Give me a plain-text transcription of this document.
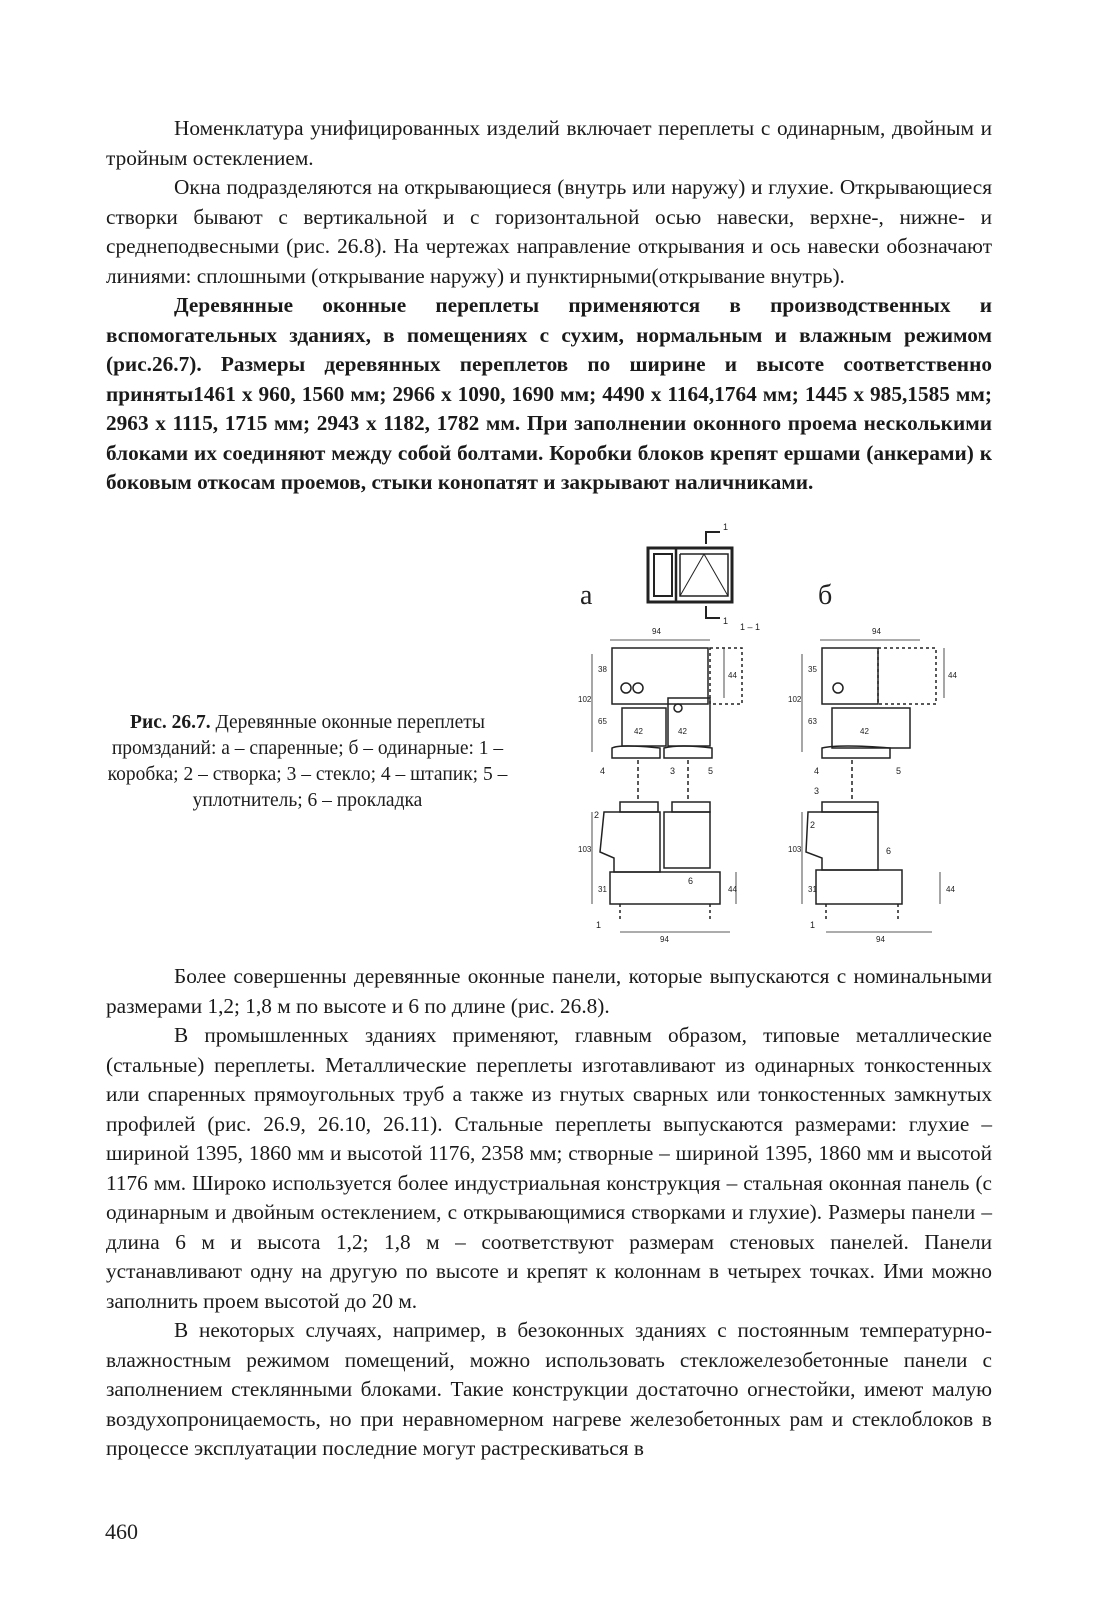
Номенклатура унифицированных изделий включает переплеты с одинарным, двойным и тройным остеклением.

Окна подразделяются на открывающиеся (внутрь или наружу) и глухие. Открывающиеся створки бывают с вертикальной и с горизонтальной осью навески, верхне-, нижне- и среднеподвесными (рис. 26.8). На чертежах направление открывания и ось навески обозначают линиями: сплошными (открывание наружу) и пунктирными(открывание внутрь).

Деревянные оконные переплеты применяются в производственных и вспомогательных зданиях, в помещениях с сухим, нормальным и влажным режимом (рис.26.7). Размеры деревянных переплетов по ширине и высоте соответственно приняты1461 х 960, 1560 мм; 2966 х 1090, 1690 мм; 4490 х 1164,1764 мм; 1445 х 985,1585 мм; 2963 х 1115, 1715 мм; 2943 х 1182, 1782 мм. При заполнении оконного проема несколькими блоками их соединяют между собой болтами. Коробки блоков крепят ершами (анкерами) к боковым откосам проемов, стыки конопатят и закрывают наличниками.

Рис. 26.7. Деревянные оконные переплеты промзданий: а – спаренные; б – одинарные: 1 – коробка; 2 – створка; 3 – стекло; 4 – штапик; 5 – уплотнитель; 6 – прокладка
1
1
1 – 1
а	б
94
102
38
65
44
42	42
103
31	44
94
4	3	5
2
6
1
94
102
35
63
44
42
103
31	44
94
4	5
3
2
6
1

Более совершенны деревянные оконные панели, которые выпускаются с номинальными размерами 1,2; 1,8 м по высоте и 6 по длине (рис. 26.8).

В промышленных зданиях применяют, главным образом, типовые металлические (стальные) переплеты. Металлические переплеты изготавливают из одинарных тонкостенных или спаренных прямоугольных труб а также из гнутых сварных или тонкостенных замкнутых профилей (рис. 26.9, 26.10, 26.11). Стальные переплеты выпускаются размерами: глухие – шириной 1395, 1860 мм и высотой 1176, 2358 мм; створные – шириной 1395, 1860 мм и высотой 1176 мм. Широко используется более индустриальная конструкция – стальная оконная панель (с одинарным и двойным остеклением, с открывающимися створками и глухие). Размеры панели – длина 6 м и высота 1,2; 1,8 м – соответствуют размерам стеновых панелей. Панели устанавливают одну на другую по высоте и крепят к колоннам в четырех точках. Ими можно заполнить проем высотой до 20 м.

В некоторых случаях, например, в безоконных зданиях с постоянным температурно-влажностным режимом помещений, можно использовать стекложелезобетонные панели с заполнением стеклянными блоками. Такие конструкции достаточно огнестойки, имеют малую воздухопроницаемость, но при неравномерном нагреве железобетонных рам и стеклоблоков в процессе эксплуатации последние могут растрескиваться в

460
